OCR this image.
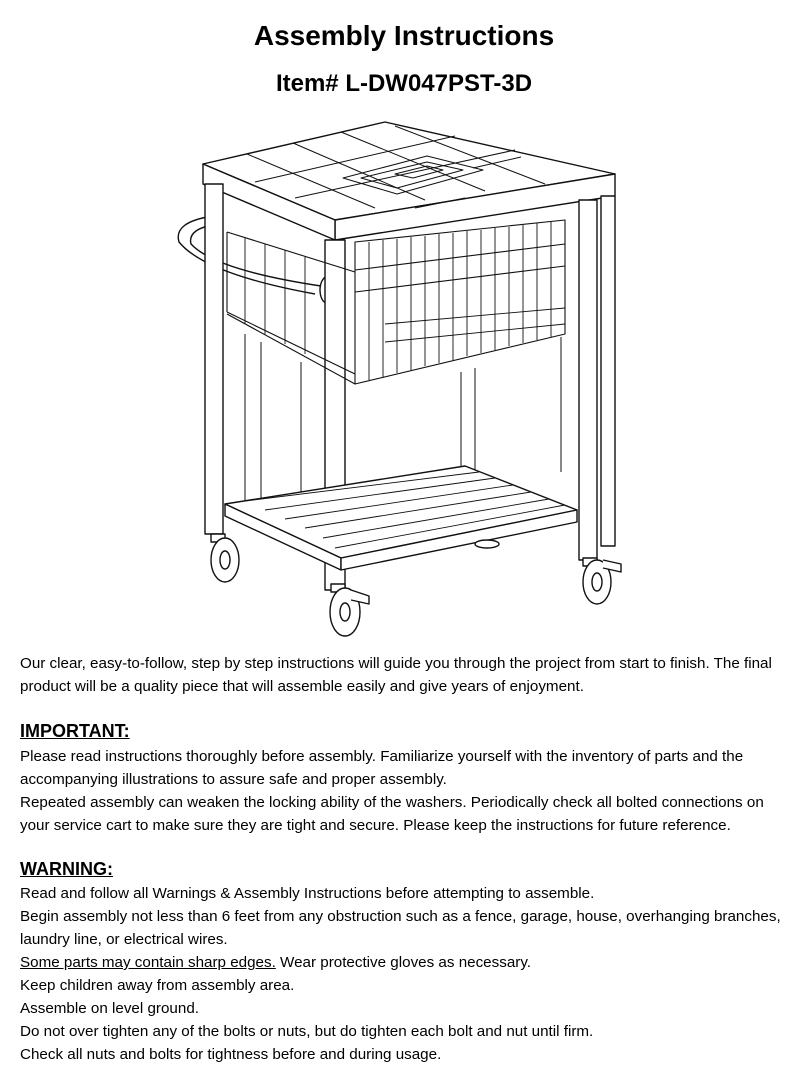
Assembly Instructions
Item# L-DW047PST-3D
Our clear, easy-to-follow, step by step instructions will guide you through the project from start to finish. The final
product will be a quality piece that will assemble easily and give years of enjoyment.
IMPORTANT:
Please read instructions thoroughly before assembly. Familiarize yourself with the inventory of parts and the
accompanying illustrations to assure safe and proper assembly.
Repeated assembly can weaken the locking ability of the washers. Periodically check all bolted connections on
your service cart to make sure they are tight and secure. Please keep the instructions for future reference.
WARNING:
Read and follow all Warnings & Assembly Instructions before attempting to assemble.
Begin assembly not less than 6 feet from any obstruction such as a fence, garage, house, overhanging branches,
laundry line, or electrical wires.
Some parts may contain sharp edges. Wear protective gloves as necessary.
Keep children away from assembly area.
Assemble on level ground.
Do not over tighten any of the bolts or nuts, but do tighten each bolt and nut until firm.
Check all nuts and bolts for tightness before and during usage.
